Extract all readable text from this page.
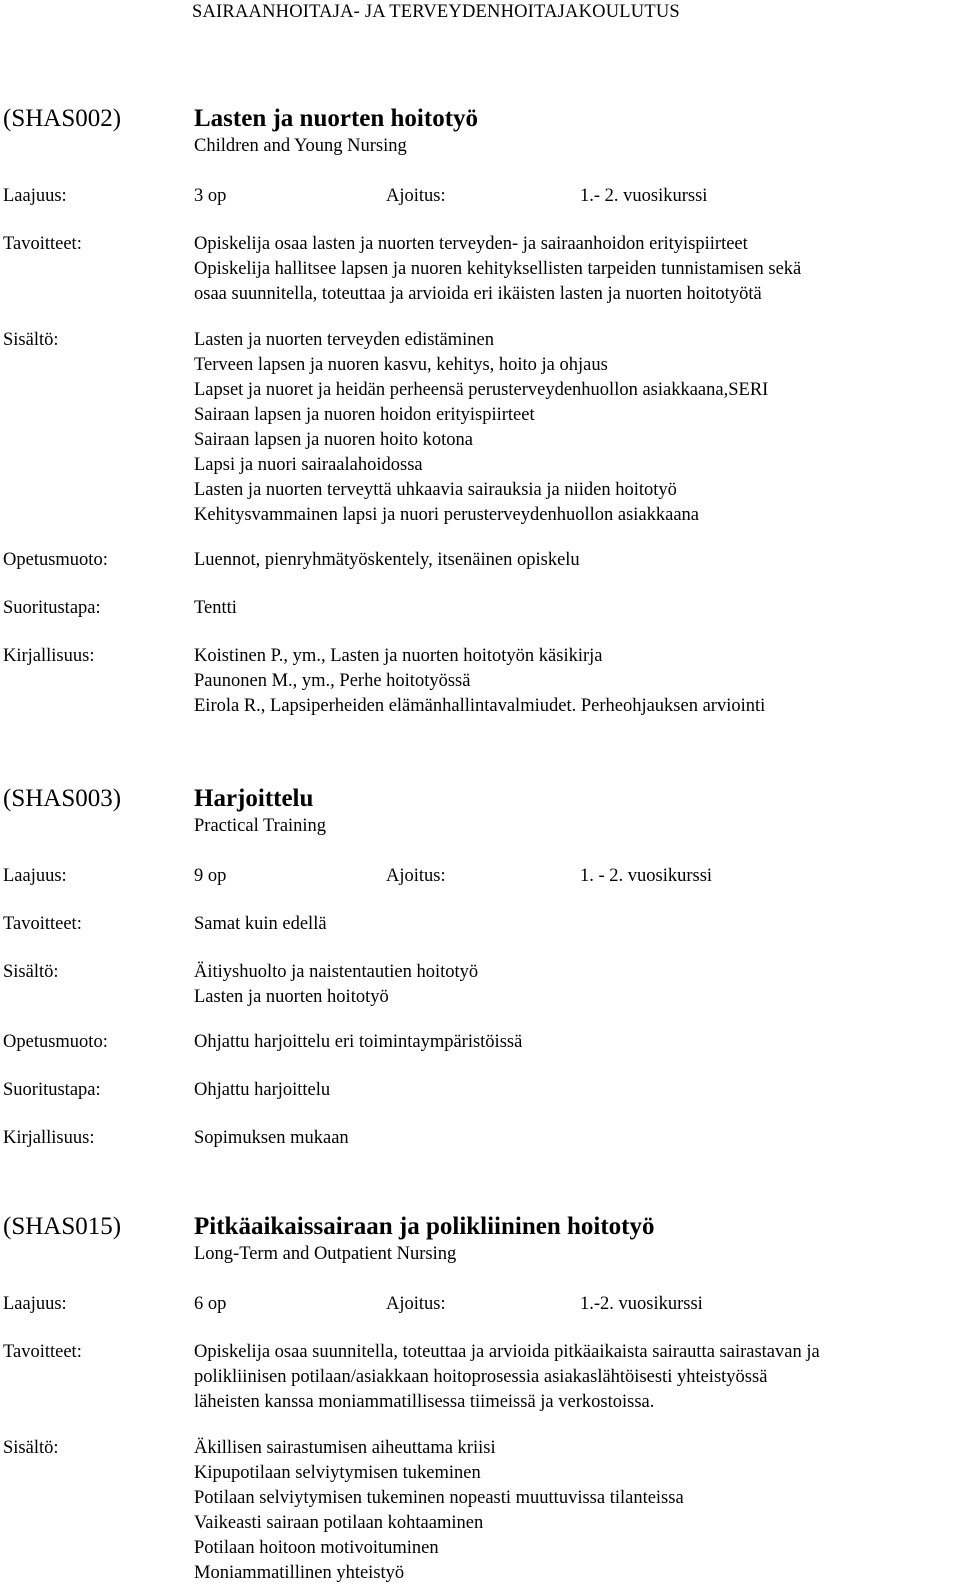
SAIRAANHOITAJA- JA TERVEYDENHOITAJAKOULUTUS
(SHAS002)	Lasten ja nuorten hoitotyö
Children and Young Nursing
Laajuus:	3 op	Ajoitus:	1.- 2. vuosikurssi
Tavoitteet:	Opiskelija osaa lasten ja nuorten terveyden- ja sairaanhoidon erityispiirteet
Opiskelija hallitsee lapsen ja nuoren kehityksellisten tarpeiden tunnistamisen sekä
osaa suunnitella, toteuttaa ja arvioida eri ikäisten lasten ja nuorten hoitotyötä
Sisältö:	Lasten ja nuorten terveyden edistäminen
Terveen lapsen ja nuoren kasvu, kehitys, hoito ja ohjaus
Lapset ja nuoret ja heidän perheensä perusterveydenhuollon asiakkaana,SERI
Sairaan lapsen ja nuoren hoidon erityispiirteet
Sairaan lapsen ja nuoren hoito kotona
Lapsi ja nuori sairaalahoidossa
Lasten ja nuorten terveyttä uhkaavia sairauksia ja niiden hoitotyö
Kehitysvammainen lapsi ja nuori perusterveydenhuollon asiakkaana
Opetusmuoto:	Luennot, pienryhmätyöskentely, itsenäinen opiskelu
Suoritustapa:	Tentti
Kirjallisuus:	Koistinen P., ym., Lasten ja nuorten hoitotyön käsikirja
Paunonen M., ym., Perhe hoitotyössä
Eirola R., Lapsiperheiden elämänhallintavalmiudet. Perheohjauksen arviointi
(SHAS003)	Harjoittelu
Practical Training
Laajuus:	9 op	Ajoitus:	1. - 2. vuosikurssi
Tavoitteet:	Samat kuin edellä
Sisältö:	Äitiyshuolto ja naistentautien hoitotyö
Lasten ja nuorten hoitotyö
Opetusmuoto:	Ohjattu harjoittelu eri toimintaympäristöissä
Suoritustapa:	Ohjattu harjoittelu
Kirjallisuus:	Sopimuksen mukaan
(SHAS015)	Pitkäaikaissairaan ja polikliininen hoitotyö
Long-Term and Outpatient Nursing
Laajuus:	6 op	Ajoitus:	1.-2. vuosikurssi
Tavoitteet:	Opiskelija osaa suunnitella, toteuttaa ja arvioida pitkäaikaista sairautta sairastavan ja
polikliinisen potilaan/asiakkaan hoitoprosessia asiakaslähtöisesti yhteistyössä
läheisten kanssa moniammatillisessa tiimeissä ja verkostoissa.
Sisältö:	Äkillisen sairastumisen aiheuttama kriisi
Kipupotilaan selviytymisen tukeminen
Potilaan selviytymisen tukeminen nopeasti muuttuvissa tilanteissa
Vaikeasti sairaan potilaan kohtaaminen
Potilaan hoitoon motivoituminen
Moniammatillinen yhteistyö
